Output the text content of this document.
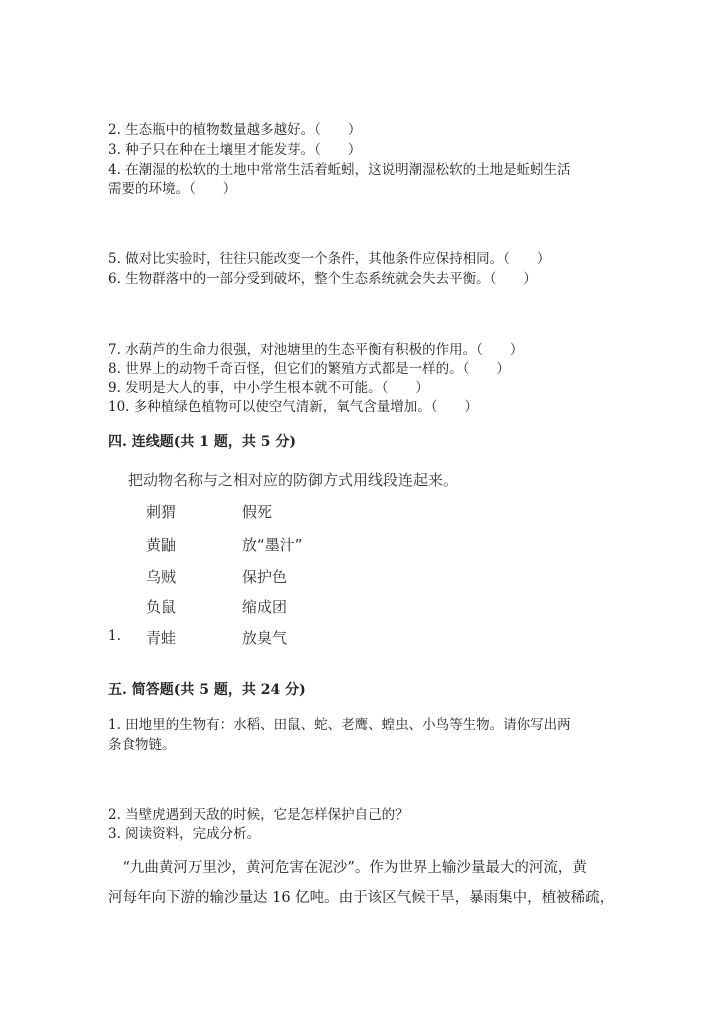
2. 生态瓶中的植物数量越多越好。（　　）
3. 种子只在种在土壤里才能发芽。（　　）
4. 在潮湿的松软的土地中常常生活着蚯蚓，这说明潮湿松软的土地是蚯蚓生活
需要的环境。（　　）
5. 做对比实验时，往往只能改变一个条件，其他条件应保持相同。（　　）
6. 生物群落中的一部分受到破坏，整个生态系统就会失去平衡。（　　）
7. 水葫芦的生命力很强，对池塘里的生态平衡有积极的作用。（　　）
8. 世界上的动物千奇百怪，但它们的繁殖方式都是一样的。（　　）
9. 发明是大人的事，中小学生根本就不可能。（　　）
10. 多种植绿色植物可以使空气清新，氧气含量增加。（　　）
四. 连线题(共 1 题，共 5 分)
把动物名称与之相对应的防御方式用线段连起来。
刺猬
黄鼬
乌贼
负鼠
青蛙
假死
放“墨汁”
保护色
缩成团
放臭气
1.
五. 简答题(共 5 题，共 24 分)
1. 田地里的生物有：水稻、田鼠、蛇、老鹰、蝗虫、小鸟等生物。请你写出两
条食物链。
2. 当壁虎遇到天敌的时候，它是怎样保护自己的？
3. 阅读资料，完成分析。
　“九曲黄河万里沙，黄河危害在泥沙”。作为世界上输沙量最大的河流，黄
河每年向下游的输沙量达 16 亿吨。由于该区气候干旱，暴雨集中，植被稀疏，
